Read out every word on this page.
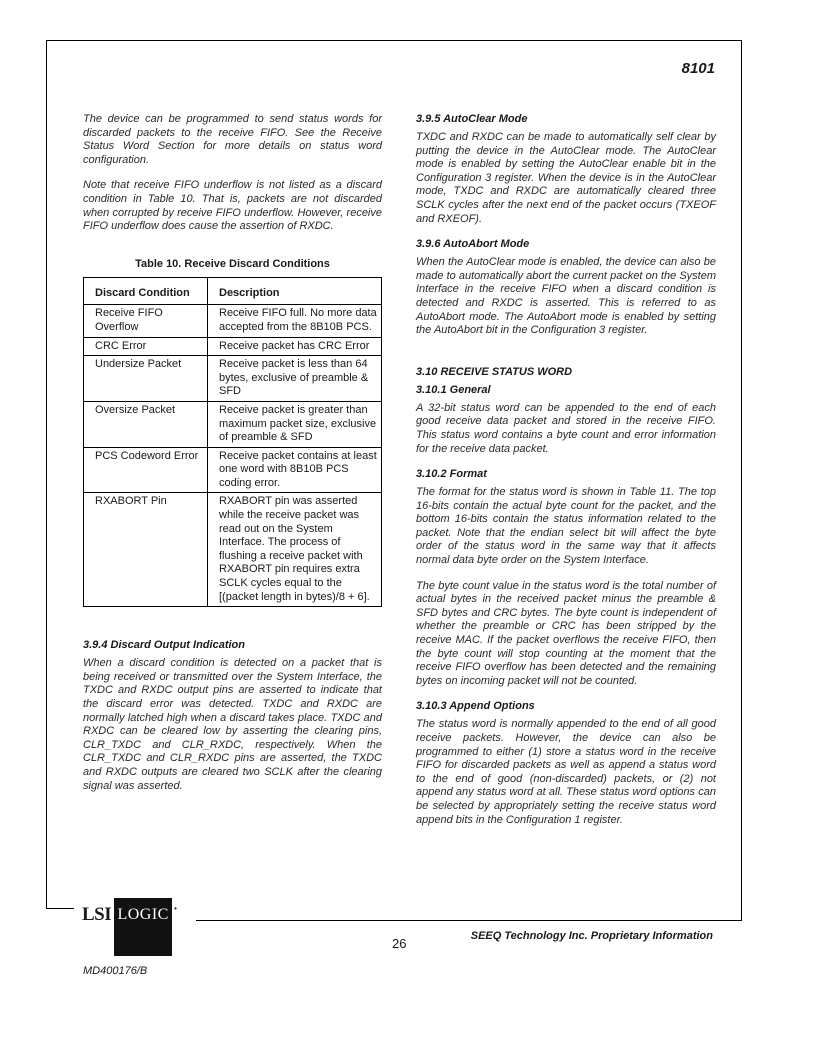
8101

The device can be programmed to send status words for discarded packets to the receive FIFO. See the Receive Status Word Section for more details on status word configuration.

Note that receive FIFO underflow is not listed as a discard condition in Table 10. That is, packets are not discarded when corrupted by receive FIFO underflow. However, receive FIFO underflow does cause the assertion of RXDC.

Table 10. Receive Discard Conditions
Discard Condition	Description
Receive FIFO Overflow	Receive FIFO full. No more data accepted from the 8B10B PCS.
CRC Error	Receive packet has CRC Error
Undersize Packet	Receive packet is less than 64 bytes, exclusive of preamble & SFD
Oversize Packet	Receive packet is greater than maximum packet size, exclusive of preamble & SFD
PCS Codeword Error	Receive packet contains at least one word with 8B10B PCS coding error.
RXABORT Pin	RXABORT pin was asserted while the receive packet was read out on the System Interface. The process of flushing a receive packet with RXABORT pin requires extra SCLK cycles equal to the [(packet length in bytes)/8 + 6].
3.9.4 Discard Output Indication

When a discard condition is detected on a packet that is being received or transmitted over the System Interface, the TXDC and RXDC output pins are asserted to indicate that the discard error was detected. TXDC and RXDC are normally latched high when a discard takes place. TXDC and RXDC can be cleared low by asserting the clearing pins, CLR_TXDC and CLR_RXDC, respectively. When the CLR_TXDC and CLR_RXDC pins are asserted, the TXDC and RXDC outputs are cleared two SCLK after the clearing signal was asserted.

3.9.5 AutoClear Mode

TXDC and RXDC can be made to automatically self clear by putting the device in the AutoClear mode. The AutoClear mode is enabled by setting the AutoClear enable bit in the Configuration 3 register. When the device is in the AutoClear mode, TXDC and RXDC are automatically cleared three SCLK cycles after the next end of the packet occurs (TXEOF and RXEOF).

3.9.6 AutoAbort Mode

When the AutoClear mode is enabled, the device can also be made to automatically abort the current packet on the System Interface in the receive FIFO when a discard condition is detected and RXDC is asserted. This is referred to as AutoAbort mode. The AutoAbort mode is enabled by setting the AutoAbort bit in the Configuration 3 register.

3.10 RECEIVE STATUS WORD
3.10.1 General

A 32-bit status word can be appended to the end of each good receive data packet and stored in the receive FIFO. This status word contains a byte count and error information for the receive data packet.

3.10.2 Format

The format for the status word is shown in Table 11. The top 16-bits contain the actual byte count for the packet, and the bottom 16-bits contain the status information related to the packet. Note that the endian select bit will affect the byte order of the status word in the same way that it affects normal data byte order on the System Interface.

The byte count value in the status word is the total number of actual bytes in the received packet minus the preamble & SFD bytes and CRC bytes. The byte count is independent of whether the preamble or CRC has been stripped by the receive MAC. If the packet overflows the receive FIFO, then the byte count will stop counting at the moment that the receive FIFO overflow has been detected and the remaining bytes on incoming packet will not be counted.

3.10.3 Append Options

The status word is normally appended to the end of all good receive packets. However, the device can also be programmed to either (1) store a status word in the receive FIFO for discarded packets as well as append a status word to the end of good (non-discarded) packets, or (2) not append any status word at all. These status word options can be selected by appropriately setting the receive status word append bits in the Configuration 1 register.

LSI LOGIC •
26	SEEQ Technology Inc. Proprietary Information
MD400176/B
